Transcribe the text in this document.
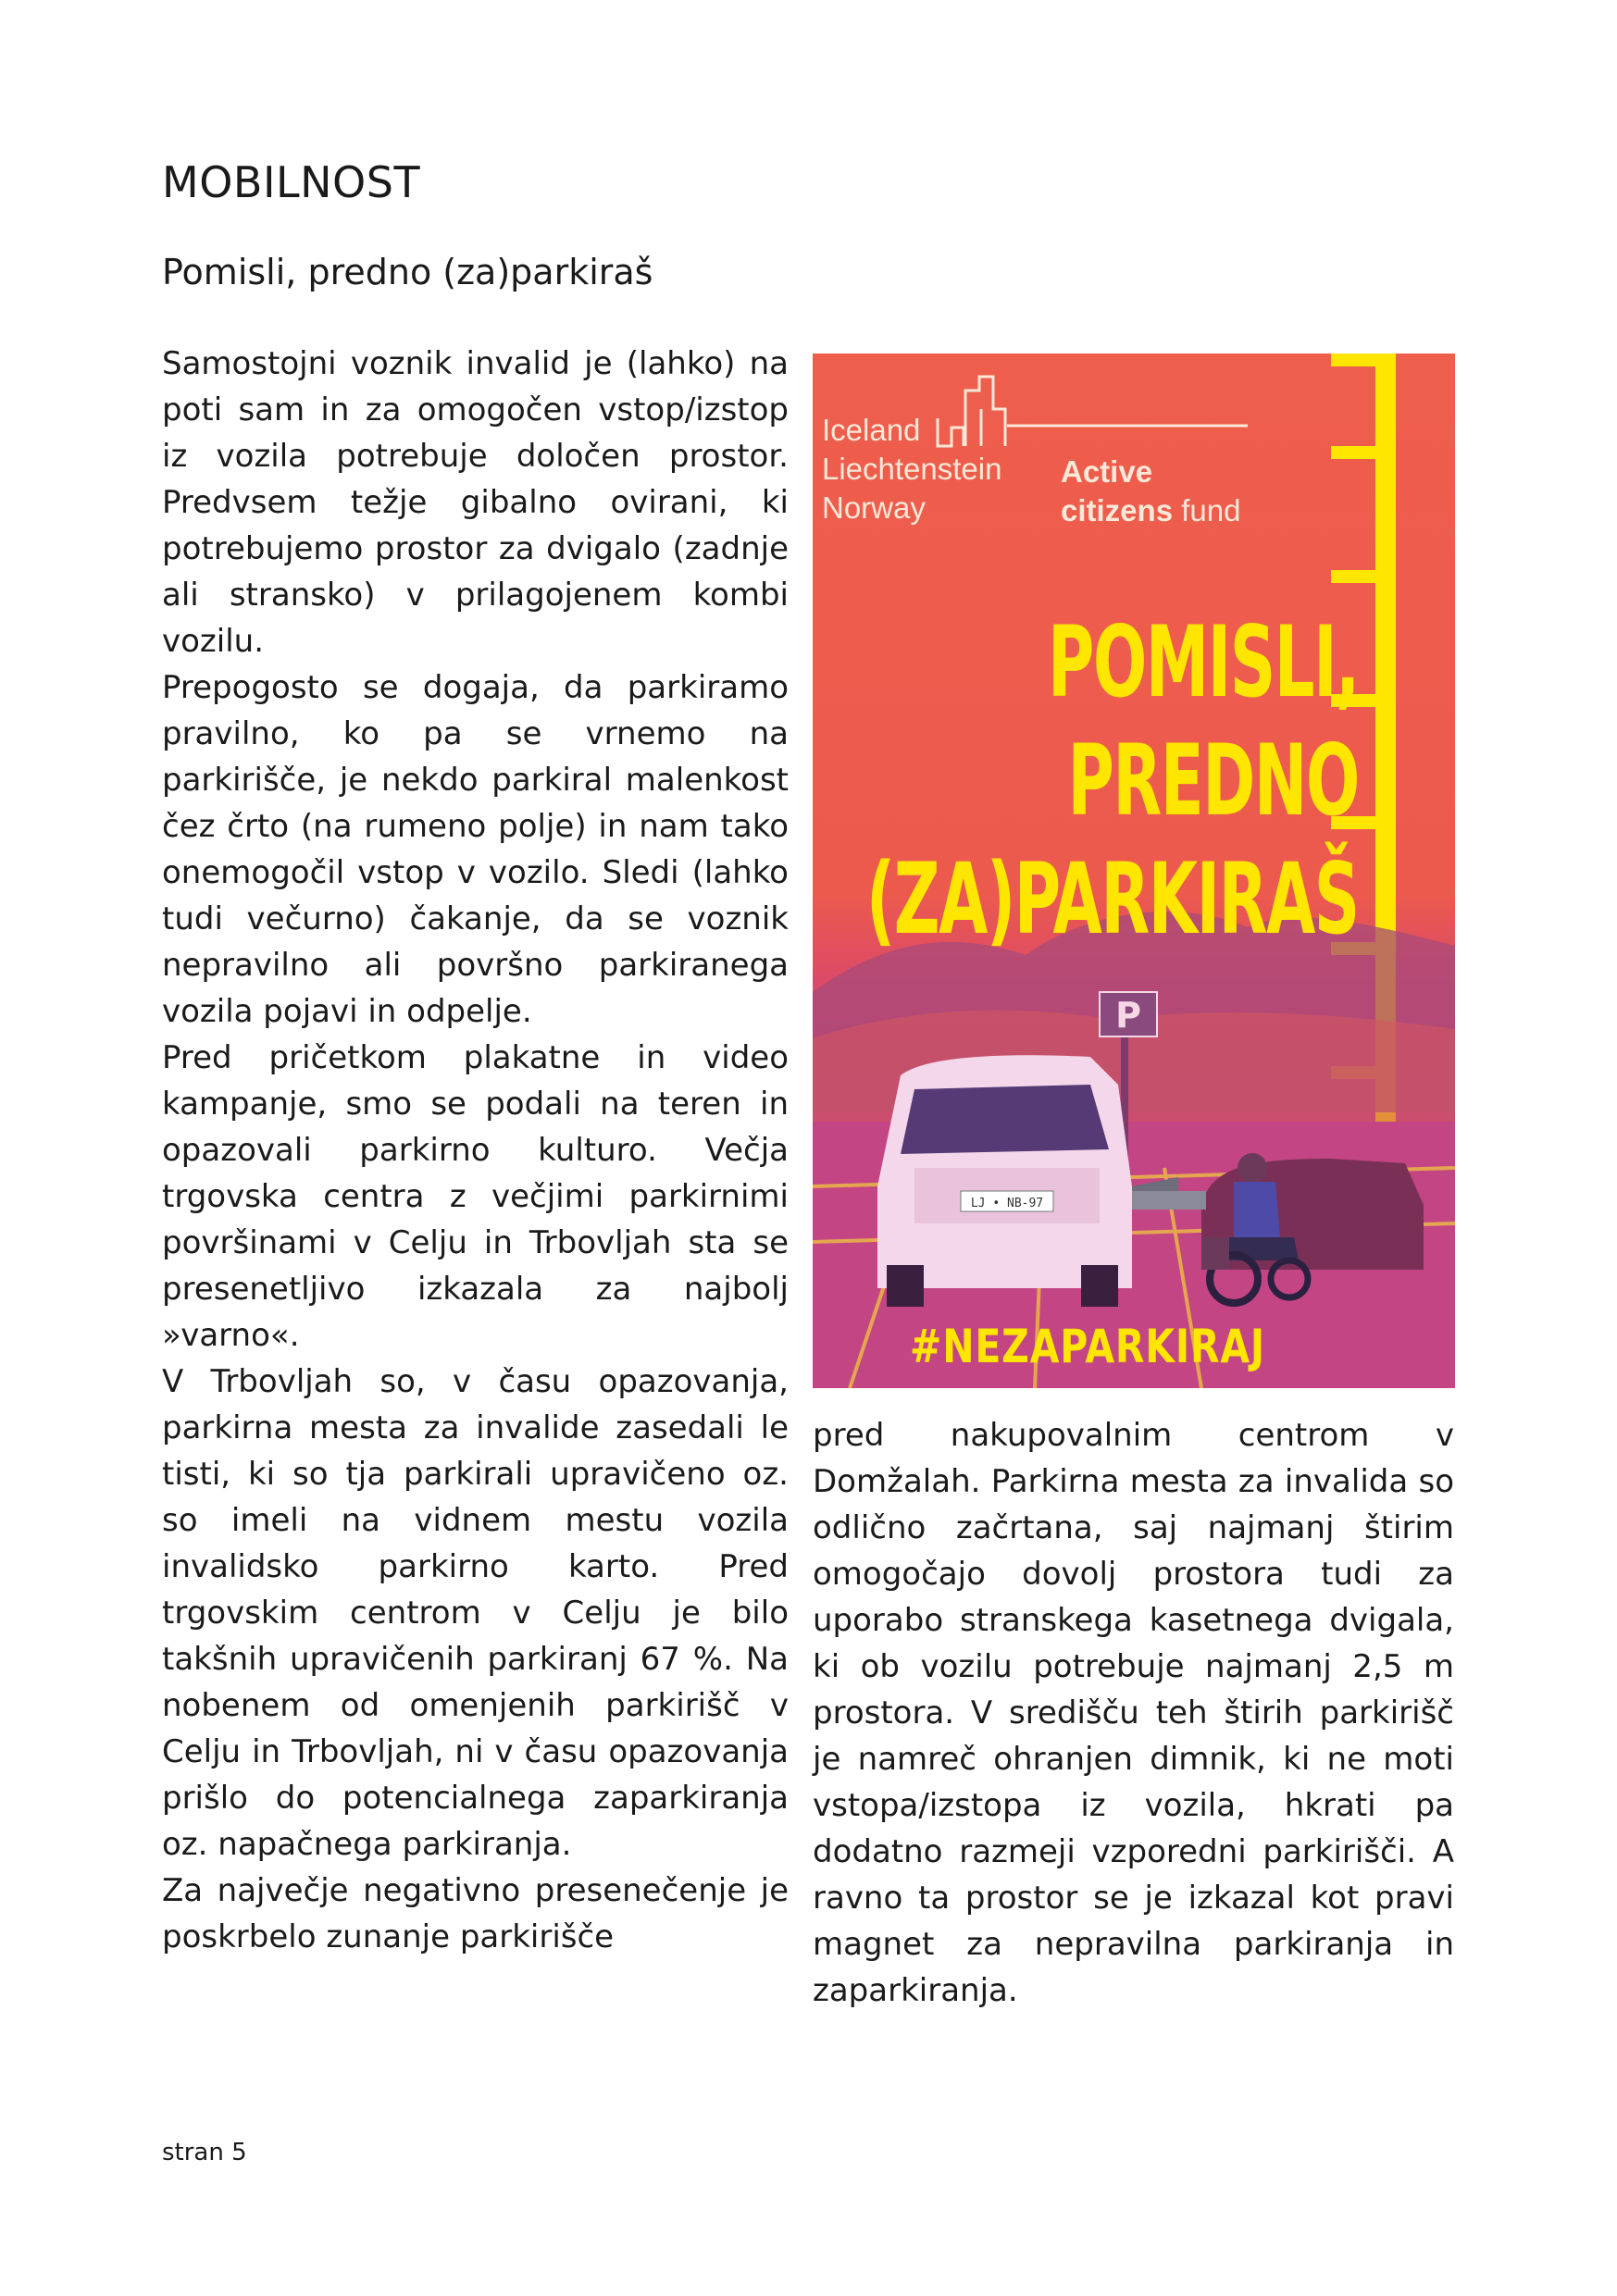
MOBILNOST
Pomisli, predno (za)parkiraš

Samostojni voznik invalid je (lahko) na poti sam in za omogočen vstop/izstop iz vozila potrebuje določen prostor. Predvsem težje gibalno ovirani, ki potrebujemo prostor za dvigalo (zadnje ali stransko) v prilagojenem kombi vozilu.

Prepogosto se dogaja, da parkiramo pravilno, ko pa se vrnemo na parkirišče, je nekdo parkiral malenkost čez črto (na rumeno polje) in nam tako onemogočil vstop v vozilo. Sledi (lahko tudi večurno) čakanje, da se voznik nepravilno ali površno parkiranega vozila pojavi in odpelje.

Pred pričetkom plakatne in video kampanje, smo se podali na teren in opazovali parkirno kulturo. Večja trgovska centra z večjimi parkirnimi površinami v Celju in Trbovljah sta se presenetljivo izkazala za najbolj »varno«.

V Trbovljah so, v času opazovanja, parkirna mesta za invalide zasedali le tisti, ki so tja parkirali upravičeno oz. so imeli na vidnem mestu vozila invalidsko parkirno karto. Pred trgovskim centrom v Celju je bilo takšnih upravičenih parkiranj 67 %. Na nobenem od omenjenih parkirišč v Celju in Trbovljah, ni v času opazovanja prišlo do potencialnega zaparkiranja oz. napačnega parkiranja.

Za največje negativno presenečenje je poskrbelo zunanje parkirišče

P
LJ • NB-97
Iceland
Liechtenstein
Norway
Active
citizens fund
POMISLI,
PREDNO
(ZA)PARKIRAŠ
#NEZAPARKIRAJ

pred nakupovalnim centrom v Domžalah. Parkirna mesta za invalida so odlično začrtana, saj najmanj štirim omogočajo dovolj prostora tudi za uporabo stranskega kasetnega dvigala, ki ob vozilu potrebuje najmanj 2,5 m prostora. V središču teh štirih parkirišč je namreč ohranjen dimnik, ki ne moti vstopa/izstopa iz vozila, hkrati pa dodatno razmeji vzporedni parkirišči. A ravno ta prostor se je izkazal kot pravi magnet za nepravilna parkiranja in zaparkiranja.

stran 5
